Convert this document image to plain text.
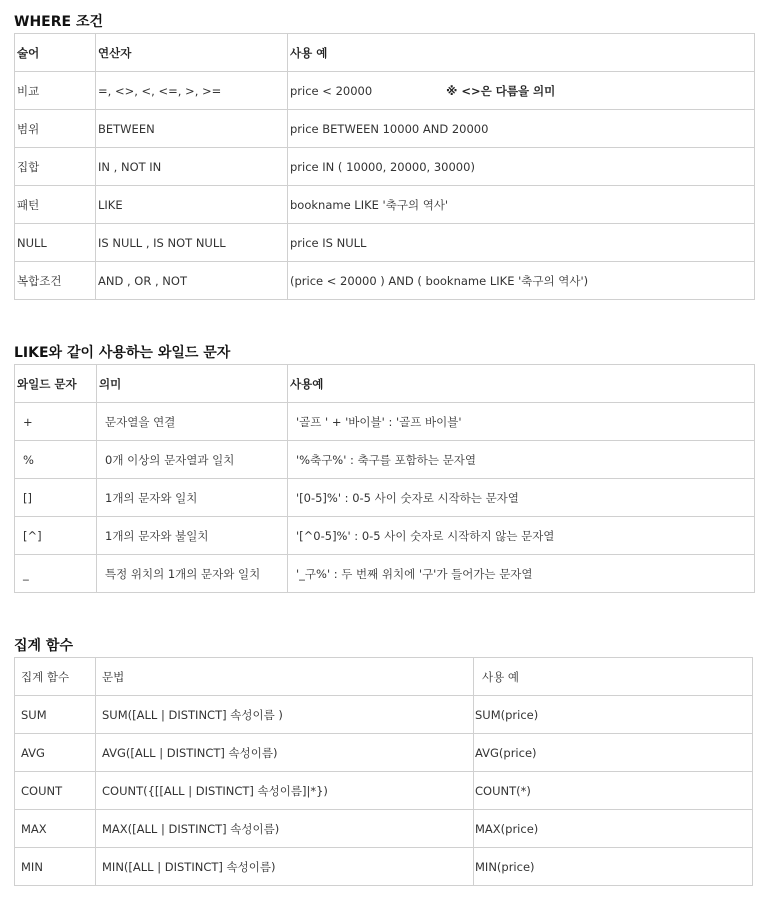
WHERE 조건
술어	연산자	사용 예
비교	=, <>, <, <=, >, >=	price < 20000 ※ <>은 다름을 의미
범위	BETWEEN	price BETWEEN 10000 AND 20000
집합	IN , NOT IN	price IN ( 10000, 20000, 30000)
패턴	LIKE	bookname LIKE '축구의 역사'
NULL	IS NULL , IS NOT NULL	price IS NULL
복합조건	AND , OR , NOT	(price < 20000 ) AND ( bookname LIKE '축구의 역사')
LIKE와 같이 사용하는 와일드 문자
와일드 문자	의미	사용예
+	문자열을 연결	'골프 ' + '바이블' : '골프 바이블'
%	0개 이상의 문자열과 일치	'%축구%' : 축구를 포함하는 문자열
[]	1개의 문자와 일치	'[0-5]%' : 0-5 사이 숫자로 시작하는 문자열
[^]	1개의 문자와 불일치	'[^0-5]%' : 0-5 사이 숫자로 시작하지 않는 문자열
_	특정 위치의 1개의 문자와 일치	'_구%' : 두 번째 위치에 '구'가 들어가는 문자열
집계 함수
집계 함수	문법	사용 예
SUM	SUM([ALL | DISTINCT] 속성이름 )	SUM(price)
AVG	AVG([ALL | DISTINCT] 속성이름)	AVG(price)
COUNT	COUNT({[[ALL | DISTINCT] 속성이름]|*})	COUNT(*)
MAX	MAX([ALL | DISTINCT] 속성이름)	MAX(price)
MIN	MIN([ALL | DISTINCT] 속성이름)	MIN(price)
